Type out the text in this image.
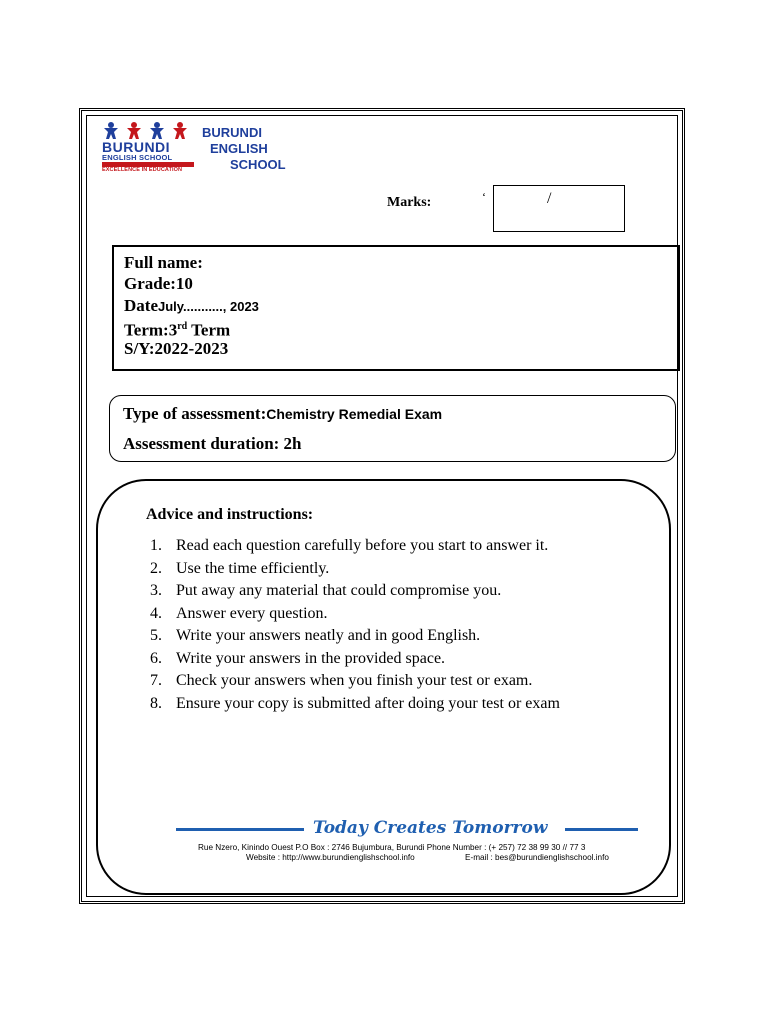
BURUNDI
ENGLISH SCHOOL
EXCELLENCE IN EDUCATION
BURUNDI
ENGLISH
SCHOOL
Marks:	‘	/
Full name:
Grade:10
DateJuly..........., 2023
Term:3rd Term
S/Y:2022-2023
Type of assessment:Chemistry Remedial Exam
Assessment duration: 2h
Advice and instructions:
1. Read each question carefully before you start to answer it.
2. Use the time efficiently.
3. Put away any material that could compromise you.
4. Answer every question.
5. Write your answers neatly and in good English.
6. Write your answers in the provided space.
7. Check your answers when you finish your test or exam.
8. Ensure your copy is submitted after doing your test or exam
Today Creates Tomorrow
Rue Nzero, Kinindo Ouest P.O Box : 2746 Bujumbura, Burundi Phone Number : (+ 257) 72 38 99 30 // 77 3
Website : http://www.burundienglishschool.info	E-mail : bes@burundienglishschool.info
